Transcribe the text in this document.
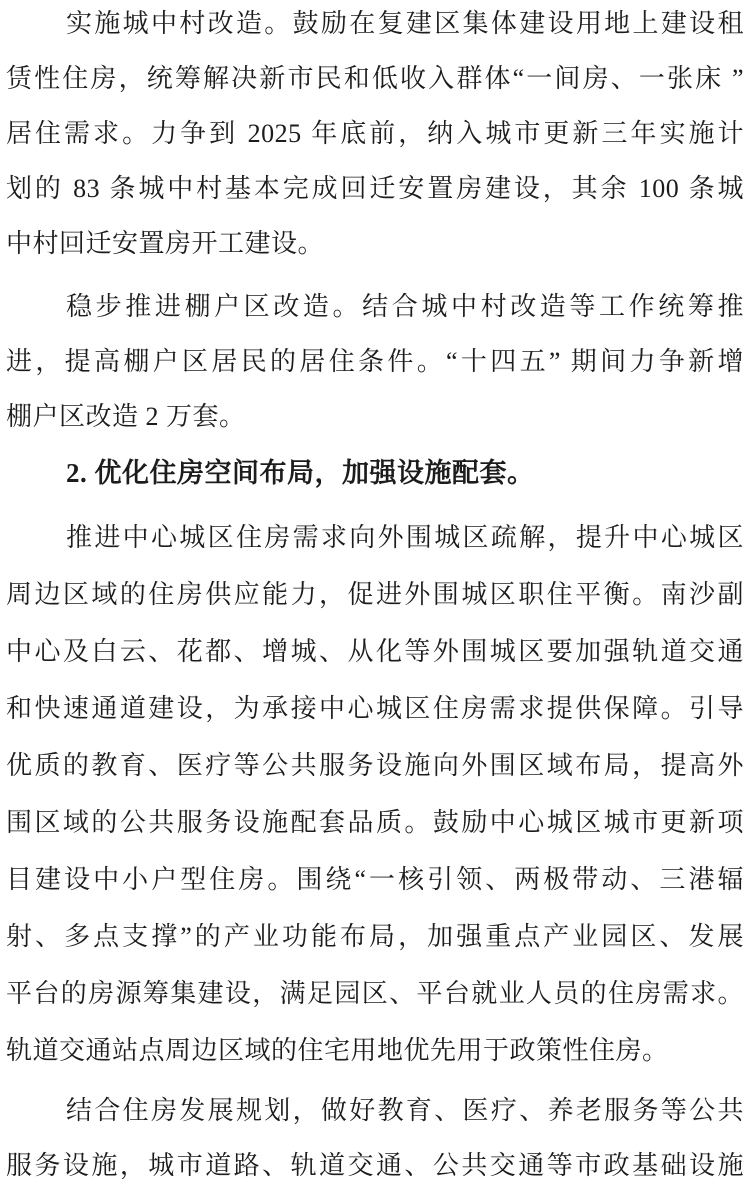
实施城中村改造。鼓励在复建区集体建设用地上建设租
赁性住房，统筹解决新市民和低收入群体“一间房、一张床 ”
居住需求。力争到 2025 年底前，纳入城市更新三年实施计
划的 83 条城中村基本完成回迁安置房建设，其余 100 条城
中村回迁安置房开工建设。
稳步推进棚户区改造。结合城中村改造等工作统筹推
进，提高棚户区居民的居住条件。“十四五” 期间力争新增
棚户区改造 2 万套。
2. 优化住房空间布局，加强设施配套。
推进中心城区住房需求向外围城区疏解，提升中心城区
周边区域的住房供应能力，促进外围城区职住平衡。南沙副
中心及白云、花都、增城、从化等外围城区要加强轨道交通
和快速通道建设，为承接中心城区住房需求提供保障。引导
优质的教育、医疗等公共服务设施向外围区域布局，提高外
围区域的公共服务设施配套品质。鼓励中心城区城市更新项
目建设中小户型住房。围绕“一核引领、两极带动、三港辐
射、多点支撑”的产业功能布局，加强重点产业园区、发展
平台的房源筹集建设，满足园区、平台就业人员的住房需求。
轨道交通站点周边区域的住宅用地优先用于政策性住房。
结合住房发展规划，做好教育、医疗、养老服务等公共
服务设施，城市道路、轨道交通、公共交通等市政基础设施
